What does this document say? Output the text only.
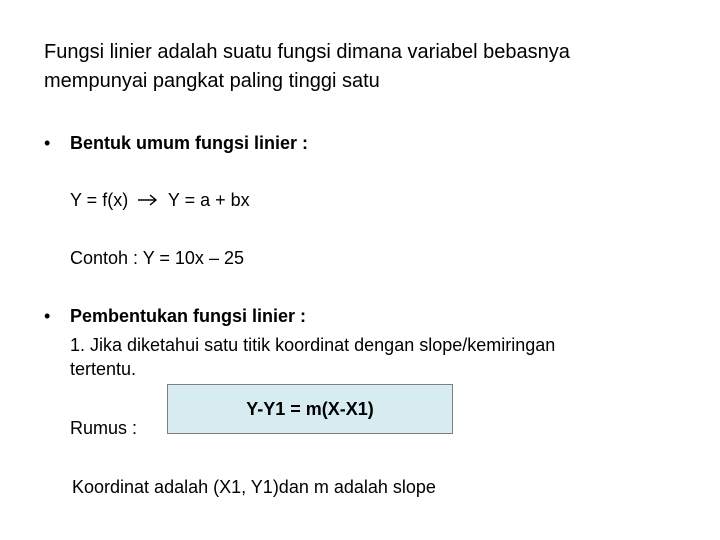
Fungsi linier adalah suatu fungsi dimana variabel bebasnya
mempunyai pangkat paling tinggi satu
• Bentuk umum fungsi linier :
Y = f(x) Y = a + bx
Contoh : Y = 10x – 25
• Pembentukan fungsi linier :
1. Jika diketahui satu titik koordinat dengan slope/kemiringan
tertentu.
Rumus :
Y-Y1 = m(X-X1)
Koordinat adalah (X1, Y1)dan m adalah slope
